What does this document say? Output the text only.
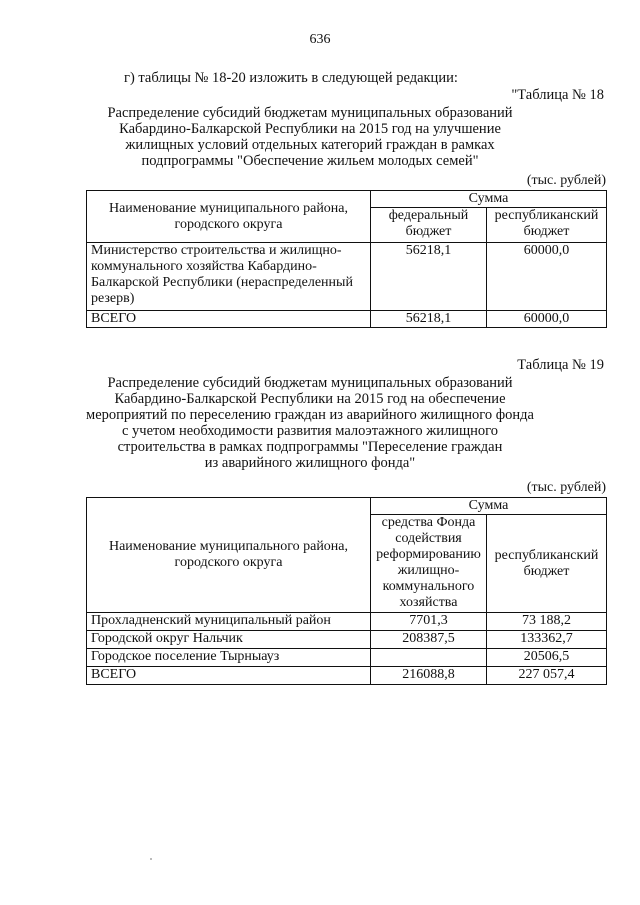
636
г) таблицы № 18-20 изложить в следующей редакции:
"Таблица № 18
Распределение субсидий бюджетам муниципальных образований
Кабардино-Балкарской Республики на 2015 год на улучшение
жилищных условий отдельных категорий граждан в рамках
подпрограммы "Обеспечение жильем молодых семей"
(тыс. рублей)
Наименование муниципального района, городского округа	Сумма	
	федеральный бюджет	республиканский бюджет
Министерство строительства и жилищно-коммунального хозяйства Кабардино-Балкарской Республики (нераспределенный резерв)	56218,1	60000,0
ВСЕГО	56218,1	60000,0
Таблица № 19
Распределение субсидий бюджетам муниципальных образований
Кабардино-Балкарской Республики на 2015 год на обеспечение
мероприятий по переселению граждан из аварийного жилищного фонда
с учетом необходимости развития малоэтажного жилищного
строительства в рамках подпрограммы "Переселение граждан
из аварийного жилищного фонда"
(тыс. рублей)
Наименование муниципального района, городского округа	Сумма	
	средства Фонда содействия реформированию жилищно-коммунального хозяйства	республиканский бюджет
Прохладненский муниципальный район	7701,3	73 188,2
Городской округ Нальчик	208387,5	133362,7
Городское поселение Тырныауз		20506,5
ВСЕГО	216088,8	227 057,4
